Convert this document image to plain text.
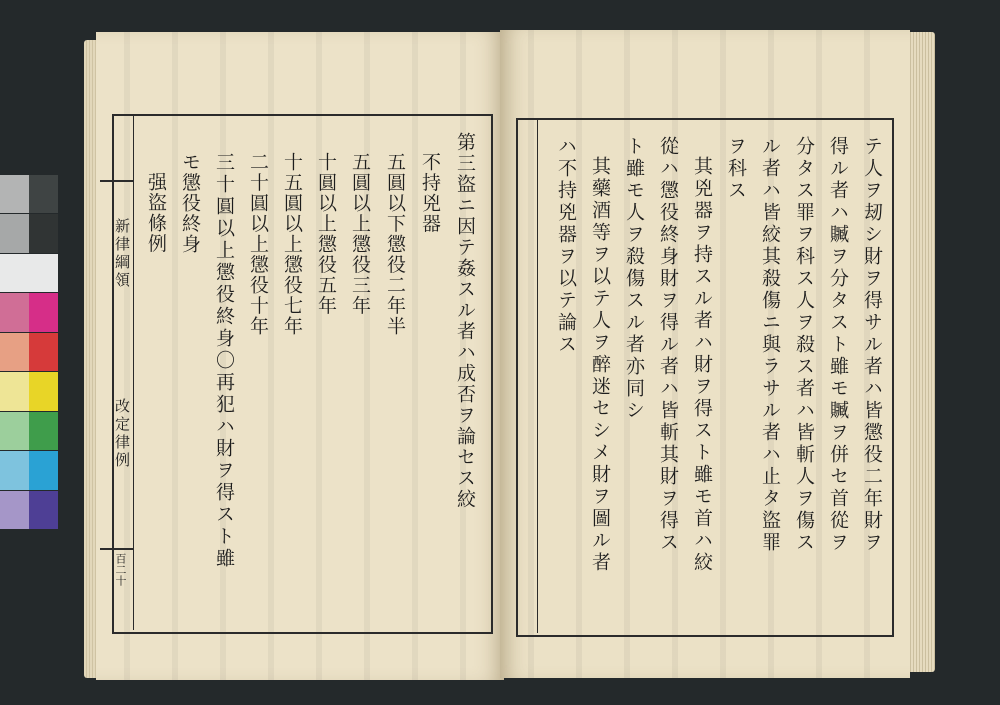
新律綱領
改定律例
百二十
第三盜ニ因テ姦スル者ハ成否ヲ論セス絞
不持兇器
五圓以下懲役二年半
五圓以上懲役三年
十圓以上懲役五年
十五圓以上懲役七年
二十圓以上懲役十年
三十圓以上懲役終身〇再犯ハ財ヲ得スト雖
モ懲役終身
强盜條例	テ人ヲ刼シ財ヲ得サル者ハ皆懲役二年財ヲ
得ル者ハ贓ヲ分タスト雖モ贓ヲ併セ首從ヲ
分タス罪ヲ科ス人ヲ殺ス者ハ皆斬人ヲ傷ス
ル者ハ皆絞其殺傷ニ與ラサル者ハ止タ盜罪
ヲ科ス
其兇器ヲ持スル者ハ財ヲ得スト雖モ首ハ絞
從ハ懲役終身財ヲ得ル者ハ皆斬其財ヲ得ス
ト雖モ人ヲ殺傷スル者亦同シ
其藥酒等ヲ以テ人ヲ醉迷セシメ財ヲ圖ル者
ハ不持兇器ヲ以テ論ス
